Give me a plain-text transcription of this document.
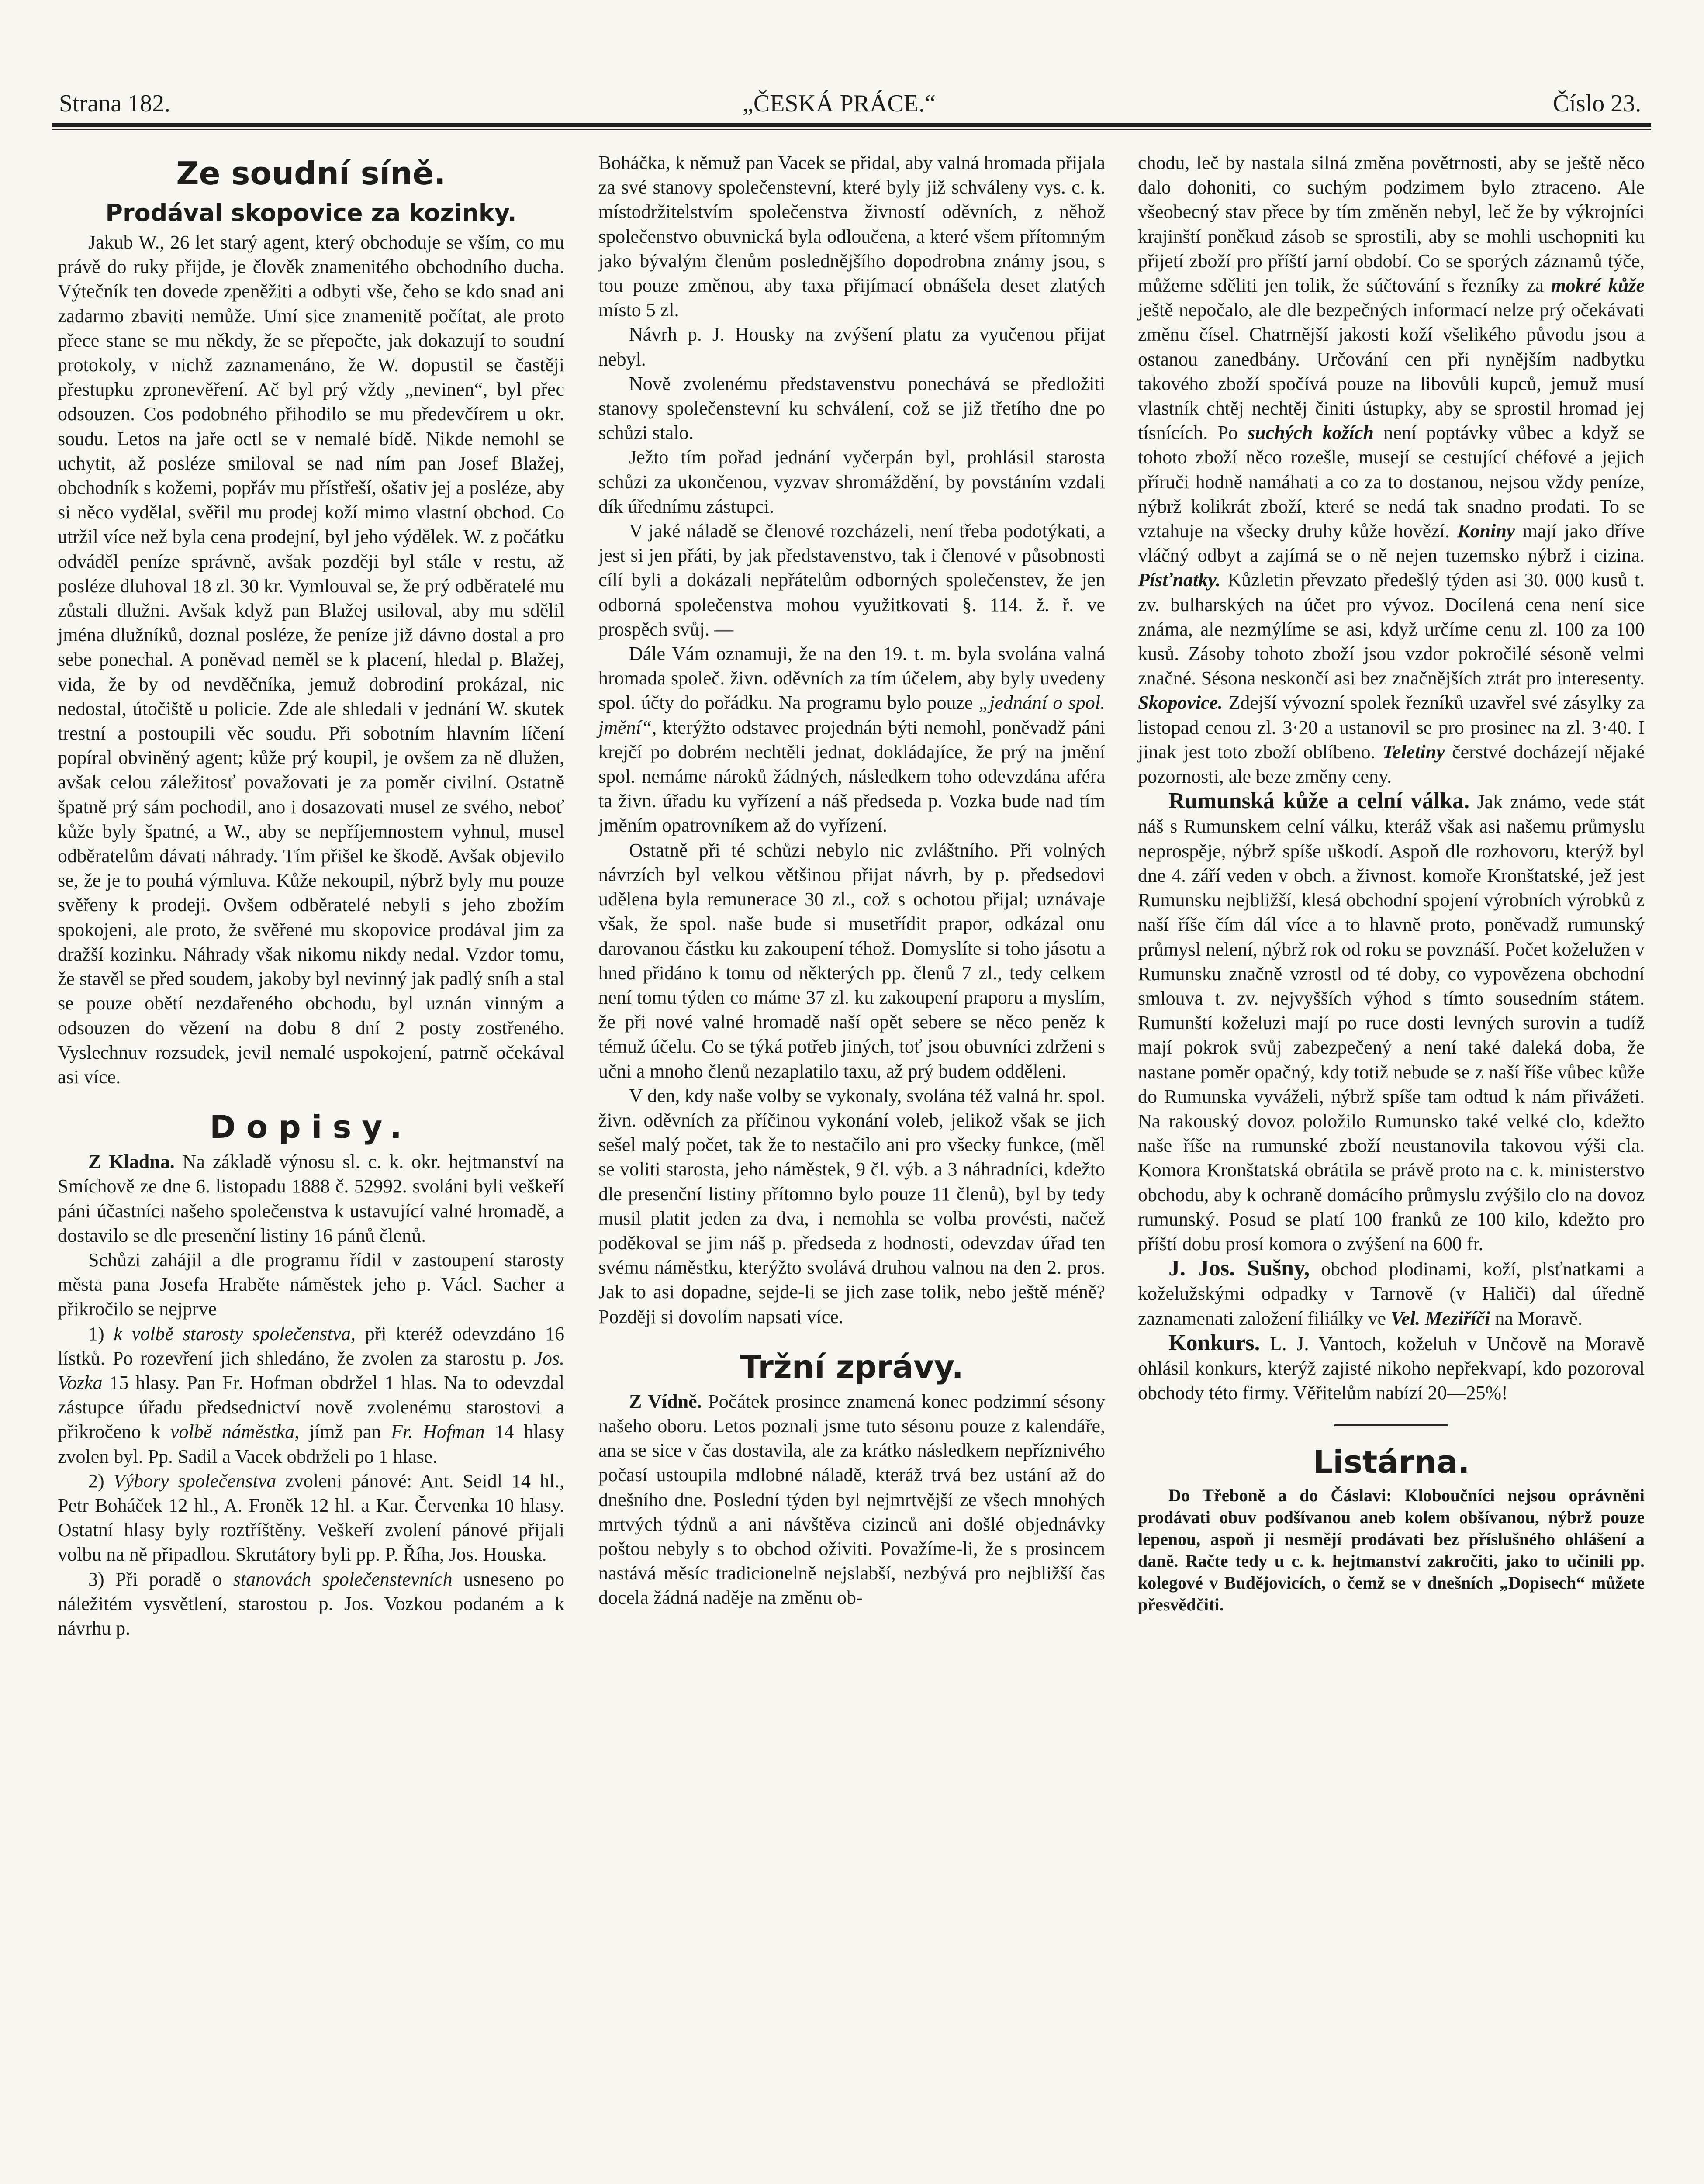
Strana 182.	„ČESKÁ PRÁCE.“	Číslo 23.
Ze soudní síně.
Prodával skopovice za kozinky.

Jakub W., 26 let starý agent, který obchoduje se vším, co mu právě do ruky přijde, je člověk znamenitého obchodního ducha. Výtečník ten dovede zpeněžiti a odbyti vše, čeho se kdo snad ani zadarmo zbaviti nemůže. Umí sice znamenitě počítat, ale proto přece stane se mu někdy, že se přepočte, jak dokazují to soudní protokoly, v nichž zaznamenáno, že W. dopustil se častěji přestupku zpronevěření. Ač byl prý vždy „nevinen“, byl přec odsouzen. Cos podobného přihodilo se mu předevčírem u okr. soudu. Letos na jaře octl se v nemalé bídě. Nikde nemohl se uchytit, až posléze smiloval se nad ním pan Josef Blažej, obchodník s kožemi, popřáv mu přístřeší, ošativ jej a posléze, aby si něco vydělal, svěřil mu prodej koží mimo vlastní obchod. Co utržil více než byla cena prodejní, byl jeho výdělek. W. z počátku odváděl peníze správně, avšak později byl stále v restu, až posléze dluhoval 18 zl. 30 kr. Vymlouval se, že prý odběratelé mu zůstali dlužni. Avšak když pan Blažej usiloval, aby mu sdělil jména dlužníků, doznal posléze, že peníze již dávno dostal a pro sebe ponechal. A poněvad neměl se k placení, hledal p. Blažej, vida, že by od nevděčníka, jemuž dobrodiní prokázal, nic nedostal, útočiště u policie. Zde ale shledali v jednání W. skutek trestní a postoupili věc soudu. Při sobotním hlavním líčení popíral obviněný agent; kůže prý koupil, je ovšem za ně dlužen, avšak celou záležitosť považovati je za poměr civilní. Ostatně špatně prý sám pochodil, ano i dosazovati musel ze svého, neboť kůže byly špatné, a W., aby se nepříjemnostem vyhnul, musel odběratelům dávati náhrady. Tím přišel ke škodě. Avšak objevilo se, že je to pouhá výmluva. Kůže nekoupil, nýbrž byly mu pouze svěřeny k prodeji. Ovšem odběratelé nebyli s jeho zbožím spokojeni, ale proto, že svěřené mu skopovice prodával jim za dražší kozinku. Náhrady však nikomu nikdy nedal. Vzdor tomu, že stavěl se před soudem, jakoby byl nevinný jak padlý sníh a stal se pouze obětí nezdařeného obchodu, byl uznán vinným a odsouzen do vězení na dobu 8 dní 2 posty zostřeného. Vyslechnuv rozsudek, jevil nemalé uspokojení, patrně očekával asi více.

Dopisy.

Z Kladna. Na základě výnosu sl. c. k. okr. hejtmanství na Smíchově ze dne 6. listopadu 1888 č. 52992. svoláni byli veškeří páni účastníci našeho společenstva k ustavující valné hromadě, a dostavilo se dle presenční listiny 16 pánů členů.

Schůzi zahájil a dle programu řídil v zastoupení starosty města pana Josefa Hraběte náměstek jeho p. Václ. Sacher a přikročilo se nejprve

1) k volbě starosty společenstva, při kteréž odevzdáno 16 lístků. Po rozevření jich shledáno, že zvolen za starostu p. Jos. Vozka 15 hlasy. Pan Fr. Hofman obdržel 1 hlas. Na to odevzdal zástupce úřadu předsednictví nově zvolenému starostovi a přikročeno k volbě náměstka, jímž pan Fr. Hofman 14 hlasy zvolen byl. Pp. Sadil a Vacek obdrželi po 1 hlase.

2) Výbory společenstva zvoleni pánové: Ant. Seidl 14 hl., Petr Boháček 12 hl., A. Froněk 12 hl. a Kar. Červenka 10 hlasy. Ostatní hlasy byly roztříštěny. Veškeří zvolení pánové přijali volbu na ně připadlou. Skrutátory byli pp. P. Říha, Jos. Houska.

3) Při poradě o stanovách společenstevních usneseno po náležitém vysvětlení, starostou p. Jos. Vozkou podaném a k návrhu p.

Boháčka, k němuž pan Vacek se přidal, aby valná hromada přijala za své stanovy společenstevní, které byly již schváleny vys. c. k. místodržitelstvím společenstva živností oděvních, z něhož společenstvo obuvnická byla odloučena, a které všem přítomným jako bývalým členům poslednějšího dopodrobna známy jsou, s tou pouze změnou, aby taxa přijímací obnášela deset zlatých místo 5 zl.

Návrh p. J. Housky na zvýšení platu za vyučenou přijat nebyl.

Nově zvolenému představenstvu ponechává se předložiti stanovy společenstevní ku schválení, což se již třetího dne po schůzi stalo.

Ježto tím pořad jednání vyčerpán byl, prohlásil starosta schůzi za ukončenou, vyzvav shromáždění, by povstáním vzdali dík úřednímu zástupci.

V jaké náladě se členové rozcházeli, není třeba podotýkati, a jest si jen přáti, by jak představenstvo, tak i členové v působnosti cílí byli a dokázali nepřátelům odborných společenstev, že jen odborná společenstva mohou využitkovati §. 114. ž. ř. ve prospěch svůj. —

Dále Vám oznamuji, že na den 19. t. m. byla svolána valná hromada společ. živn. oděvních za tím účelem, aby byly uvedeny spol. účty do pořádku. Na programu bylo pouze „jednání o spol. jmění“, kterýžto odstavec projednán býti nemohl, poněvadž páni krejčí po dobrém nechtěli jednat, dokládajíce, že prý na jmění spol. nemáme nároků žádných, následkem toho odevzdána aféra ta živn. úřadu ku vyřízení a náš předseda p. Vozka bude nad tím jměním opatrovníkem až do vyřízení.

Ostatně při té schůzi nebylo nic zvláštního. Při volných návrzích byl velkou většinou přijat návrh, by p. předsedovi udělena byla remunerace 30 zl., což s ochotou přijal; uznávaje však, že spol. naše bude si musetřídit prapor, odkázal onu darovanou částku ku zakoupení téhož. Domyslíte si toho jásotu a hned přidáno k tomu od některých pp. členů 7 zl., tedy celkem není tomu týden co máme 37 zl. ku zakoupení praporu a myslím, že při nové valné hromadě naší opět sebere se něco peněz k témuž účelu. Co se týká potřeb jiných, toť jsou obuvníci zdrženi s učni a mnoho členů nezaplatilo taxu, až prý budem odděleni.

V den, kdy naše volby se vykonaly, svolána též valná hr. spol. živn. oděvních za příčinou vykonání voleb, jelikož však se jich sešel malý počet, tak že to nestačilo ani pro všecky funkce, (měl se voliti starosta, jeho náměstek, 9 čl. výb. a 3 náhradníci, kdežto dle presenční listiny přítomno bylo pouze 11 členů), byl by tedy musil platit jeden za dva, i nemohla se volba provésti, načež poděkoval se jim náš p. předseda z hodnosti, odevzdav úřad ten svému náměstku, kterýžto svolává druhou valnou na den 2. pros. Jak to asi dopadne, sejde-li se jich zase tolik, nebo ještě méně? Později si dovolím napsati více.

Tržní zprávy.

Z Vídně. Počátek prosince znamená konec podzimní sésony našeho oboru. Letos poznali jsme tuto sésonu pouze z kalendáře, ana se sice v čas dostavila, ale za krátko následkem nepříznivého počasí ustoupila mdlobné náladě, kteráž trvá bez ustání až do dnešního dne. Poslední týden byl nejmrtvější ze všech mnohých mrtvých týdnů a ani návštěva cizinců ani došlé objednávky poštou nebyly s to obchod oživiti. Považíme-li, že s prosincem nastává měsíc tradicionelně nejslabší, nezbývá pro nejbližší čas docela žádná naděje na změnu ob-

chodu, leč by nastala silná změna povětrnosti, aby se ještě něco dalo dohoniti, co suchým podzimem bylo ztraceno. Ale všeobecný stav přece by tím změněn nebyl, leč že by výkrojníci krajinští poněkud zásob se sprostili, aby se mohli uschopniti ku přijetí zboží pro příští jarní období. Co se sporých záznamů týče, můžeme sděliti jen tolik, že súčtování s řezníky za mokré kůže ještě nepočalo, ale dle bezpečných informací nelze prý očekávati změnu čísel. Chatrnější jakosti koží všelikého původu jsou a ostanou zanedbány. Určování cen při nynějším nadbytku takového zboží spočívá pouze na libovůli kupců, jemuž musí vlastník chtěj nechtěj činiti ústupky, aby se sprostil hromad jej tísnících. Po suchých kožích není poptávky vůbec a když se tohoto zboží něco rozešle, musejí se cestující chéfové a jejich příruči hodně namáhati a co za to dostanou, nejsou vždy peníze, nýbrž kolikrát zboží, které se nedá tak snadno prodati. To se vztahuje na všecky druhy kůže hovězí. Koniny mají jako dříve vláčný odbyt a zajímá se o ně nejen tuzemsko nýbrž i cizina. Písťnatky. Kůzletin převzato předešlý týden asi 30. 000 kusů t. zv. bulharských na účet pro vývoz. Docílená cena není sice známa, ale nezmýlíme se asi, když určíme cenu zl. 100 za 100 kusů. Zásoby tohoto zboží jsou vzdor pokročilé sésoně velmi značné. Sésona neskončí asi bez značnějších ztrát pro interesenty. Skopovice. Zdejší vývozní spolek řezníků uzavřel své zásylky za listopad cenou zl. 3·20 a ustanovil se pro prosinec na zl. 3·40. I jinak jest toto zboží oblíbeno. Teletiny čerstvé docházejí nějaké pozornosti, ale beze změny ceny.

Rumunská kůže a celní válka. Jak známo, vede stát náš s Rumunskem celní válku, kteráž však asi našemu průmyslu neprospěje, nýbrž spíše uškodí. Aspoň dle rozhovoru, kterýž byl dne 4. září veden v obch. a živnost. komoře Kronštatské, jež jest Rumunsku nejbližší, klesá obchodní spojení výrobních výrobků z naší říše čím dál více a to hlavně proto, poněvadž rumunský průmysl nelení, nýbrž rok od roku se povznáší. Počet koželužen v Rumunsku značně vzrostl od té doby, co vypovězena obchodní smlouva t. zv. nejvyšších výhod s tímto sousedním státem. Rumunští koželuzi mají po ruce dosti levných surovin a tudíž mají pokrok svůj zabezpečený a není také daleká doba, že nastane poměr opačný, kdy totiž nebude se z naší říše vůbec kůže do Rumunska vyváželi, nýbrž spíše tam odtud k nám přivážeti. Na rakouský dovoz položilo Rumunsko také velké clo, kdežto naše říše na rumunské zboží neustanovila takovou výši cla. Komora Kronštatská obrátila se právě proto na c. k. ministerstvo obchodu, aby k ochraně domácího průmyslu zvýšilo clo na dovoz rumunský. Posud se platí 100 franků ze 100 kilo, kdežto pro příští dobu prosí komora o zvýšení na 600 fr.

J. Jos. Sušny, obchod plodinami, koží, plsťnatkami a koželužskými odpadky v Tarnově (v Haliči) dal úředně zaznamenati založení filiálky ve Vel. Meziříči na Moravě.

Konkurs. L. J. Vantoch, koželuh v Unčově na Moravě ohlásil konkurs, kterýž zajisté nikoho nepřekvapí, kdo pozoroval obchody této firmy. Věřitelům nabízí 20—25%!

Listárna.

Do Třeboně a do Čáslavi: Kloboučníci nejsou oprávněni prodávati obuv podšívanou aneb kolem obšívanou, nýbrž pouze lepenou, aspoň ji nesmějí prodávati bez příslušného ohlášení a daně. Račte tedy u c. k. hejtmanství zakročiti, jako to učinili pp. kolegové v Budějovicích, o čemž se v dnešních „Dopisech“ můžete přesvědčiti.
